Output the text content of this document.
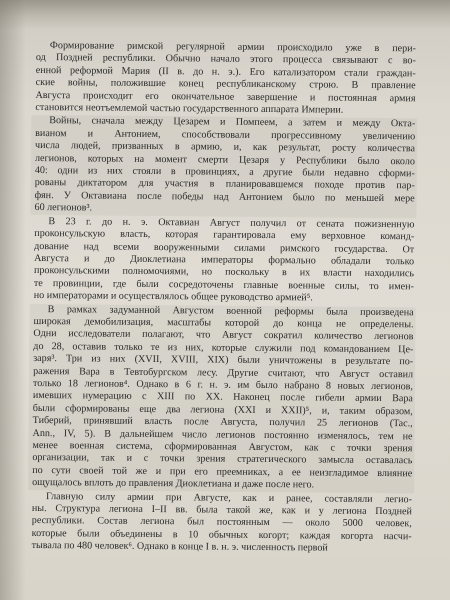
Формирование римской регулярной армии происходило уже в пери-
од Поздней республики. Обычно начало этого процесса связывают с во-
енной реформой Мария (II в. до н. э.). Его катализатором стали граждан-
ские войны, положившие конец республиканскому строю. В правление
Августа происходит его окончательное завершение и постоянная армия
становится неотъемлемой частью государственного аппарата Империи.
Войны, сначала между Цезарем и Помпеем, а затем и между Окта-
вианом и Антонием, способствовали прогрессивному увеличению
числа людей, призванных в армию, и, как результат, росту количества
легионов, которых на момент смерти Цезаря у Республики было около
40: одни из них стояли в провинциях, а другие были недавно сформи-
рованы диктатором для участия в планировавшемся походе против пар-
фян. У Октавиана после победы над Антонием было по меньшей мере
60 легионов³.
В 23 г. до н. э. Октавиан Август получил от сената пожизненную
проконсульскую власть, которая гарантировала ему верховное команд-
дование над всеми вооруженными силами римского государства. От
Августа и до Диоклетиана императоры формально обладали только
проконсульскими полномочиями, но поскольку в их власти находились
те провинции, где были сосредоточены главные военные силы, то имен-
но императорами и осуществлялось общее руководство армией⁵.
В рамках задуманной Августом военной реформы была произведена
широкая демобилизация, масштабы которой до конца не определены.
Одни исследователи полагают, что Август сократил количество легионов
до 28, оставив только те из них, которые служили под командованием Це-
заря³. Три из них (XVII, XVIII, XIX) были уничтожены в результате по-
ражения Вара в Тевтобургском лесу. Другие считают, что Август оставил
только 18 легионов⁴. Однако в 6 г. н. э. им было набрано 8 новых легионов,
имевших нумерацию с XIII по XX. Наконец после гибели армии Вара
были сформированы еще два легиона (XXI и XXII)⁵, и, таким образом,
Тиберий, принявший власть после Августа, получил 25 легионов (Tac.,
Ann., IV, 5). В дальнейшем число легионов постоянно изменялось, тем не
менее военная система, сформированная Августом, как с точки зрения
организации, так и с точки зрения стратегического замысла оставалась
по сути своей той же и при его преемниках, а ее неизгладимое влияние
ощущалось вплоть до правления Диоклетиана и даже после него.
Главную силу армии при Августе, как и ранее, составляли легио-
ны. Структура легиона I–II вв. была такой же, как и у легиона Поздней
республики. Состав легиона был постоянным — около 5000 человек,
которые были объединены в 10 обычных когорт; каждая когорта насчи-
тывала по 480 человек⁶. Однако в конце I в. н. э. численность первой
